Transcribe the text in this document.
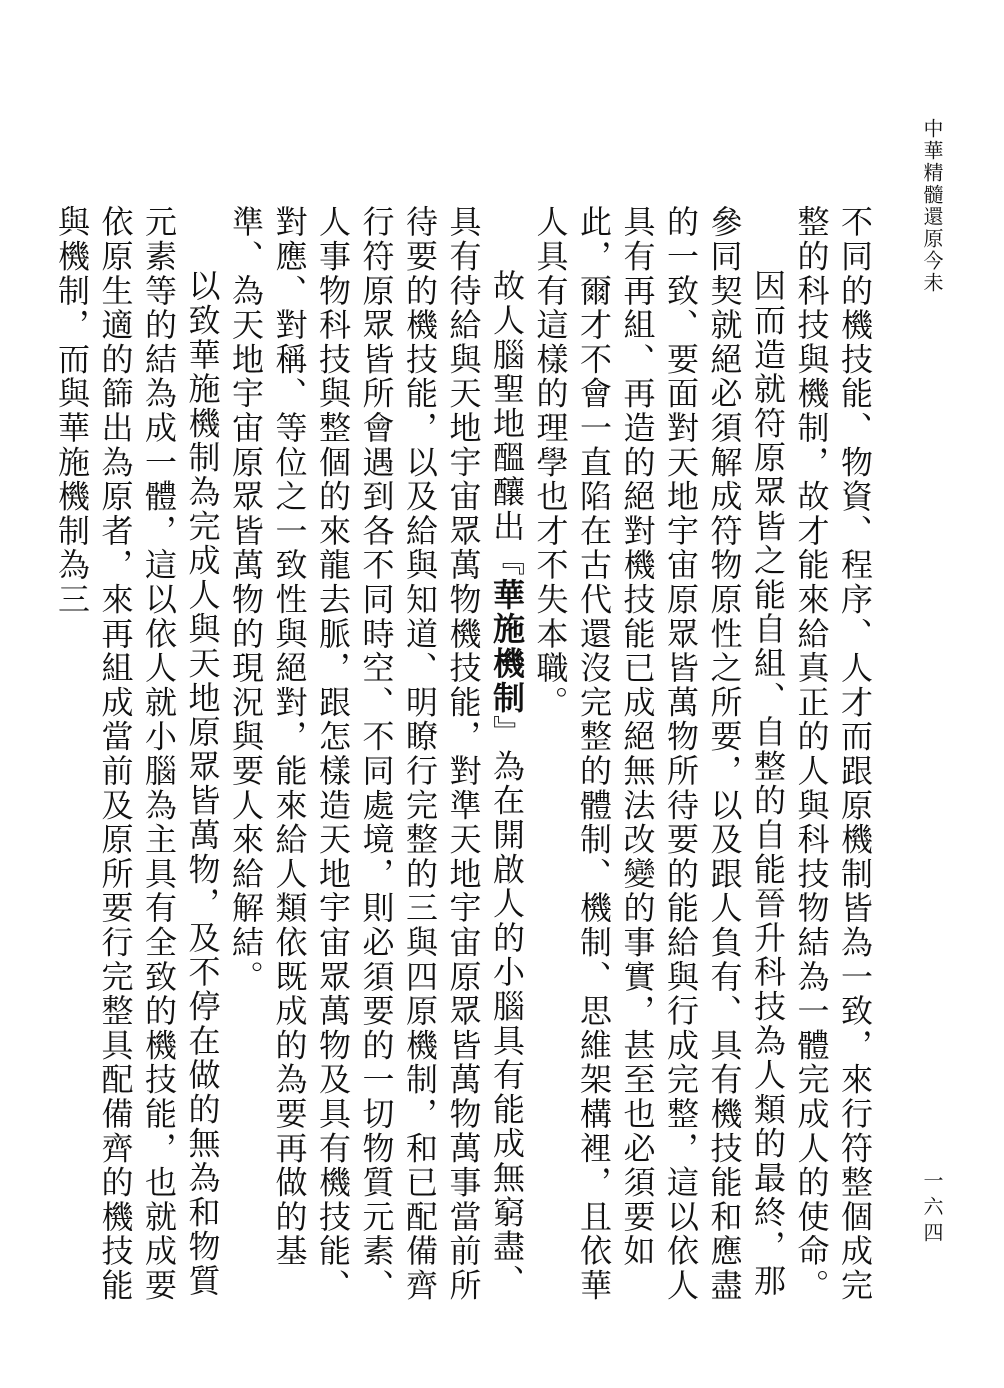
中華精髓還原今未
一六四

不同的機技能、物資、程序、人才而跟原機制皆為一致，來行符整個成完整的科技與機制，故才能來給真正的人與科技物結為一體完成人的使命。

因而造就符原眾皆之能自組、自整的自能晉升科技為人類的最終，那參同契就絕必須解成符物原性之所要，以及跟人負有、具有機技能和應盡的一致、要面對天地宇宙原眾皆萬物所待要的能給與行成完整，這以依人具有再組、再造的絕對機技能已成絕無法改變的事實，甚至也必須要如此，爾才不會一直陷在古代還沒完整的體制、機制、思維架構裡，且依華人具有這樣的理學也才不失本職。

故人腦聖地醞釀出『華施機制』為在開啟人的小腦具有能成無窮盡、具有待給與天地宇宙眾萬物機技能，對準天地宇宙原眾皆萬物萬事當前所待要的機技能，以及給與知道、明瞭行完整的三與四原機制，和已配備齊行符原眾皆所會遇到各不同時空、不同處境，則必須要的一切物質元素、人事物科技與整個的來龍去脈，跟怎樣造天地宇宙眾萬物及具有機技能、對應、對稱、等位之一致性與絕對，能來給人類依既成的為要再做的基準、為天地宇宙原眾皆萬物的現況與要人來給解結。

以致華施機制為完成人與天地原眾皆萬物，及不停在做的無為和物質元素等的結為成一體，這以依人就小腦為主具有全致的機技能，也就成要依原生適的篩出為原者，來再組成當前及原所要行完整具配備齊的機技能與機制，而與華施機制為三
